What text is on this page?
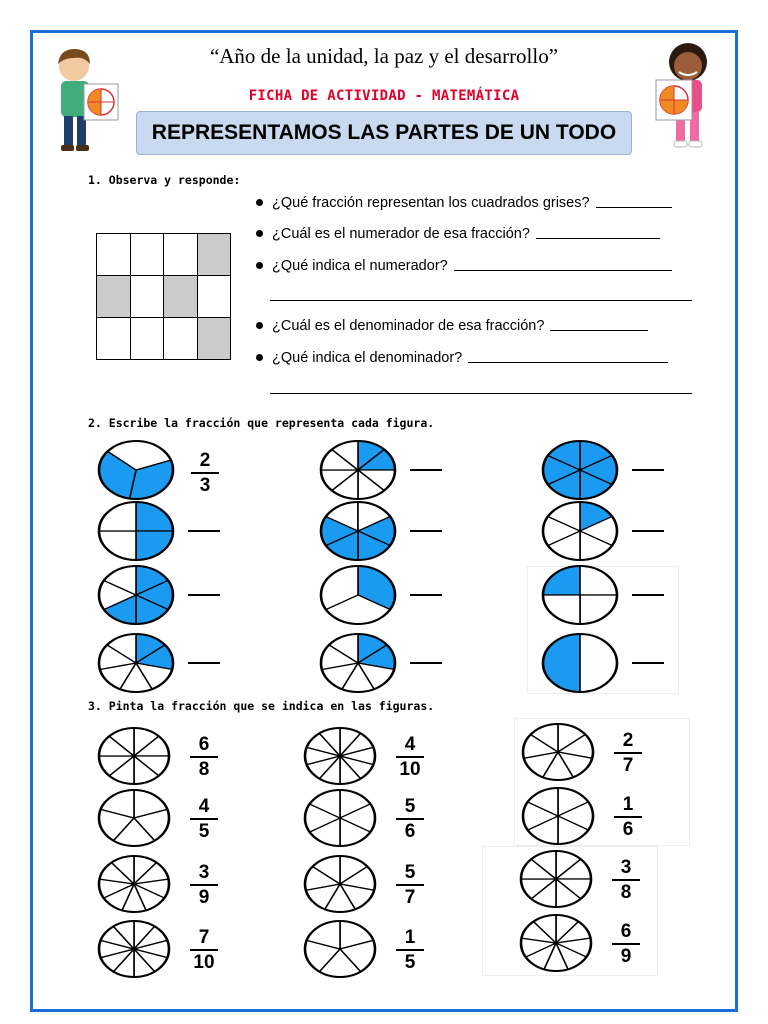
“Año de la unidad, la paz y el desarrollo”
FICHA DE ACTIVIDAD - MATEMÁTICA
REPRESENTAMOS LAS PARTES DE UN TODO
1. Observa y responde:
¿Qué fracción representan los cuadrados grises?
¿Cuál es el numerador de esa fracción?
¿Qué indica el numerador?
¿Cuál es el denominador de esa fracción?
¿Qué indica el denominador?
2. Escribe la fracción que representa cada figura.
2
3
3. Pinta la fracción que se indica en las figuras.
6
8
4
5
3
9
7
10
4
10
5
6
5
7
1
5
2
7
1
6
3
8
6
9
